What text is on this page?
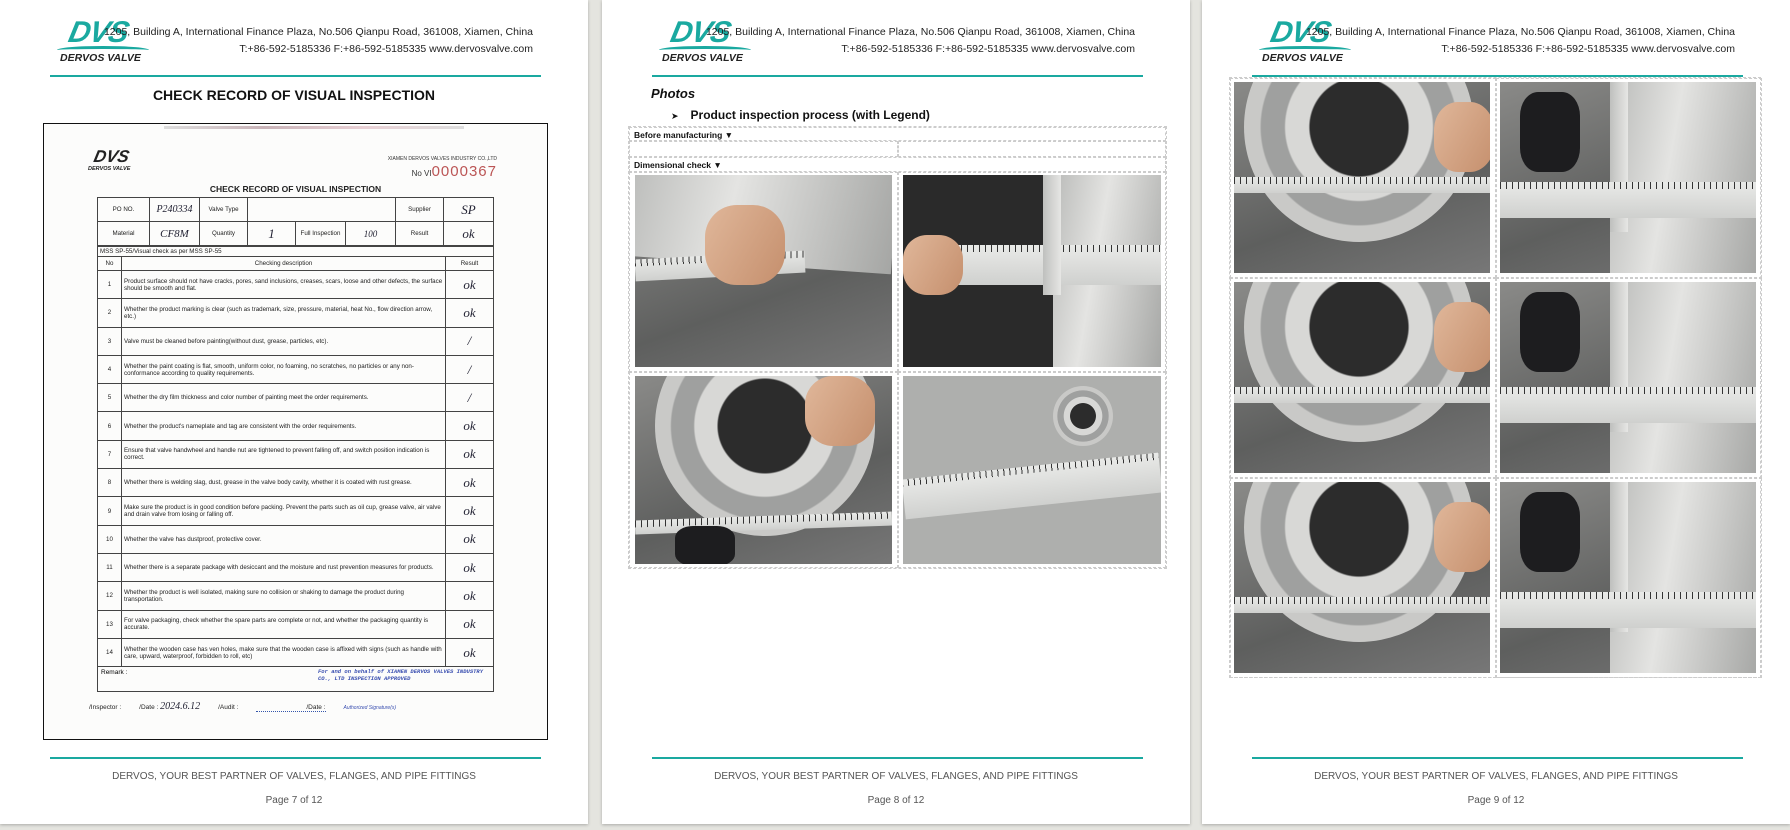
DVS
DERVOS VALVE
1205, Building A, International Finance Plaza, No.506 Qianpu Road, 361008, Xiamen, China
T:+86-592-5185336 F:+86-592-5185335 www.dervosvalve.com
CHECK RECORD OF VISUAL INSPECTION
DVS
DERVOS VALVE
XIAMEN DERVOS VALVES INDUSTRY CO.,LTD
No VI0000367
CHECK RECORD OF VISUAL INSPECTION
PO NO.	P240334	Valve Type				Supplier	SP
Material	CF8M	Quantity	1	Full Inspection	100	Result	ok
MSS SP-55/Visual check as per MSS SP-55		
No	Checking description	Result
1	Product surface should not have cracks, pores, sand inclusions, creases, scars, loose and other defects, the surface should be smooth and flat.	ok
2	Whether the product marking is clear (such as trademark, size, pressure, material, heat No., flow direction arrow, etc.)	ok
3	Valve must be cleaned before painting(without dust, grease, particles, etc).	/
4	Whether the paint coating is flat, smooth, uniform color, no foaming, no scratches, no particles or any non-conformance according to quality requirements.	/
5	Whether the dry film thickness and color number of painting meet the order requirements.	/
6	Whether the product's nameplate and tag are consistent with the order requirements.	ok
7	Ensure that valve handwheel and handle nut are tightened to prevent falling off, and switch position indication is correct.	ok
8	Whether there is welding slag, dust, grease in the valve body cavity, whether it is coated with rust grease.	ok
9	Make sure the product is in good condition before packing. Prevent the parts such as oil cup, grease valve, air valve and drain valve from losing or falling off.	ok
10	Whether the valve has dustproof, protective cover.	ok
11	Whether there is a separate package with desiccant and the moisture and rust prevention measures for products.	ok
12	Whether the product is well isolated, making sure no collision or shaking to damage the product during transportation.	ok
13	For valve packaging, check whether the spare parts are complete or not, and whether the packaging quantity is accurate.	ok
14	Whether the wooden case has ven holes, make sure that the wooden case is affixed with signs (such as handle with care, upward, waterproof, forbidden to roll, etc)	ok
Remark :	For and on behalf of XIAMEN DERVOS VALVES INDUSTRY CO., LTD INSPECTION APPROVED
/Inspector :	/Date : 2024.6.12	/Audit :	/Date :	Authorized Signature(s)
DERVOS, YOUR BEST PARTNER OF VALVES, FLANGES, AND PIPE FITTINGS
Page 7 of 12
DVS
DERVOS VALVE
1205, Building A, International Finance Plaza, No.506 Qianpu Road, 361008, Xiamen, China
T:+86-592-5185336 F:+86-592-5185335 www.dervosvalve.com
Photos
➤ Product inspection process (with Legend)
Before manufacturing ▼
Dimensional check ▼
DERVOS, YOUR BEST PARTNER OF VALVES, FLANGES, AND PIPE FITTINGS
Page 8 of 12
DVS
DERVOS VALVE
1205, Building A, International Finance Plaza, No.506 Qianpu Road, 361008, Xiamen, China
T:+86-592-5185336 F:+86-592-5185335 www.dervosvalve.com
DERVOS, YOUR BEST PARTNER OF VALVES, FLANGES, AND PIPE FITTINGS
Page 9 of 12
